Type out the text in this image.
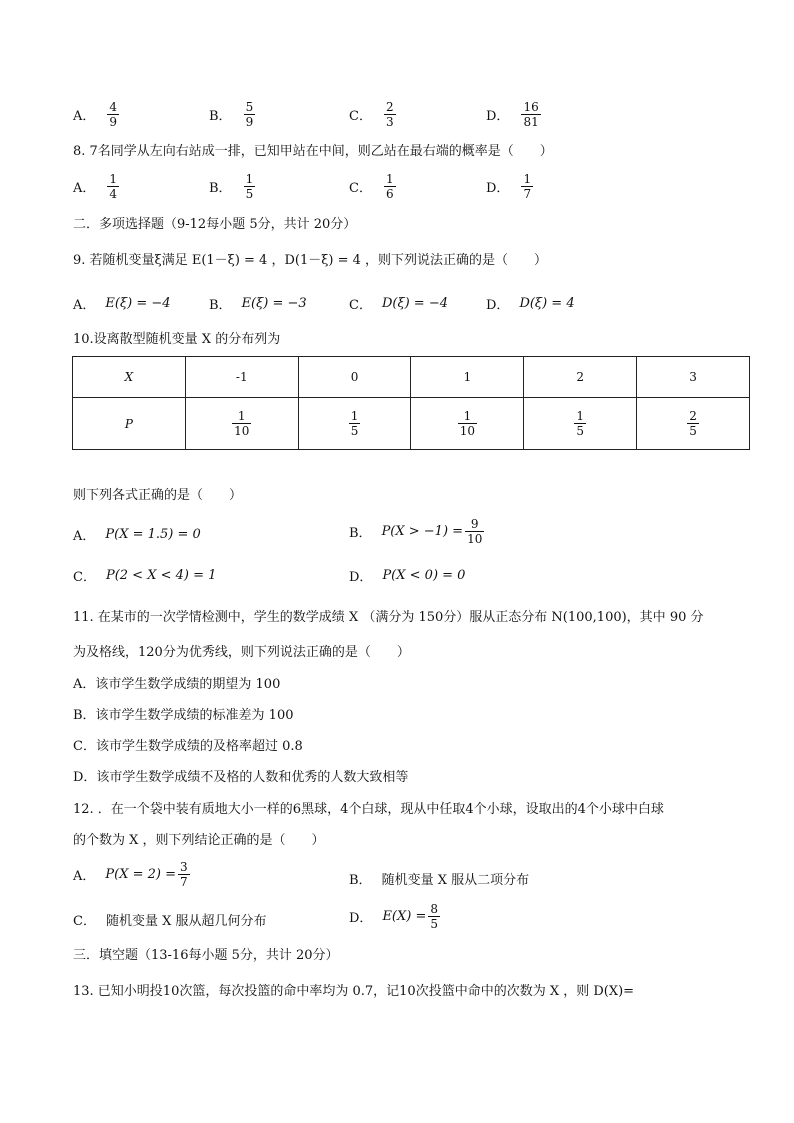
A． $\frac{4}{9}$	B． $\frac{5}{9}$	C． $\frac{2}{3}$	D． $\frac{16}{81}$
8. 7名同学从左向右站成一排，已知甲站在中间，则乙站在最右端的概率是（　　）
A． $\frac{1}{4}$	B． $\frac{1}{5}$	C． $\frac{1}{6}$	D． $\frac{1}{7}$
二．多项选择题（9-12每小题 5分，共计 20分）
9. 若随机变量ξ满足 E(1－ξ) = 4 ，D(1－ξ) = 4 ，则下列说法正确的是（　　）
A． E(ξ) = −4	B． E(ξ) = −3	C． D(ξ) = −4	D． D(ξ) = 4
10.设离散型随机变量 X 的分布列为
X	-1	0	1	2	3
P	$\frac{1}{10}$	$\frac{1}{5}$	$\frac{1}{10}$	$\frac{1}{5}$	$\frac{2}{5}$
则下列各式正确的是（　　）
A． P(X = 1.5) = 0	B． $P(X > -1) = \frac{9}{10}$
C． P(2 < X < 4) = 1	D． P(X < 0) = 0
11. 在某市的一次学情检测中，学生的数学成绩 X （满分为 150分）服从正态分布 N(100,100)，其中 90 分
为及格线，120分为优秀线，则下列说法正确的是（　　）
A．该市学生数学成绩的期望为 100
B．该市学生数学成绩的标准差为 100
C．该市学生数学成绩的及格率超过 0.8
D．该市学生数学成绩不及格的人数和优秀的人数大致相等
12. ．在一个袋中装有质地大小一样的6黑球，4个白球，现从中任取4个小球，设取出的4个小球中白球
的个数为 X ，则下列结论正确的是（　　）
A． $P(X = 2) = \frac{3}{7}$	B． 随机变量 X 服从二项分布
C． 随机变量 X 服从超几何分布	D． $E(X) = \frac{8}{5}$
三．填空题（13-16每小题 5分，共计 20分）
13. 已知小明投10次篮，每次投篮的命中率均为 0.7，记10次投篮中命中的次数为 X ，则 D(X)=
